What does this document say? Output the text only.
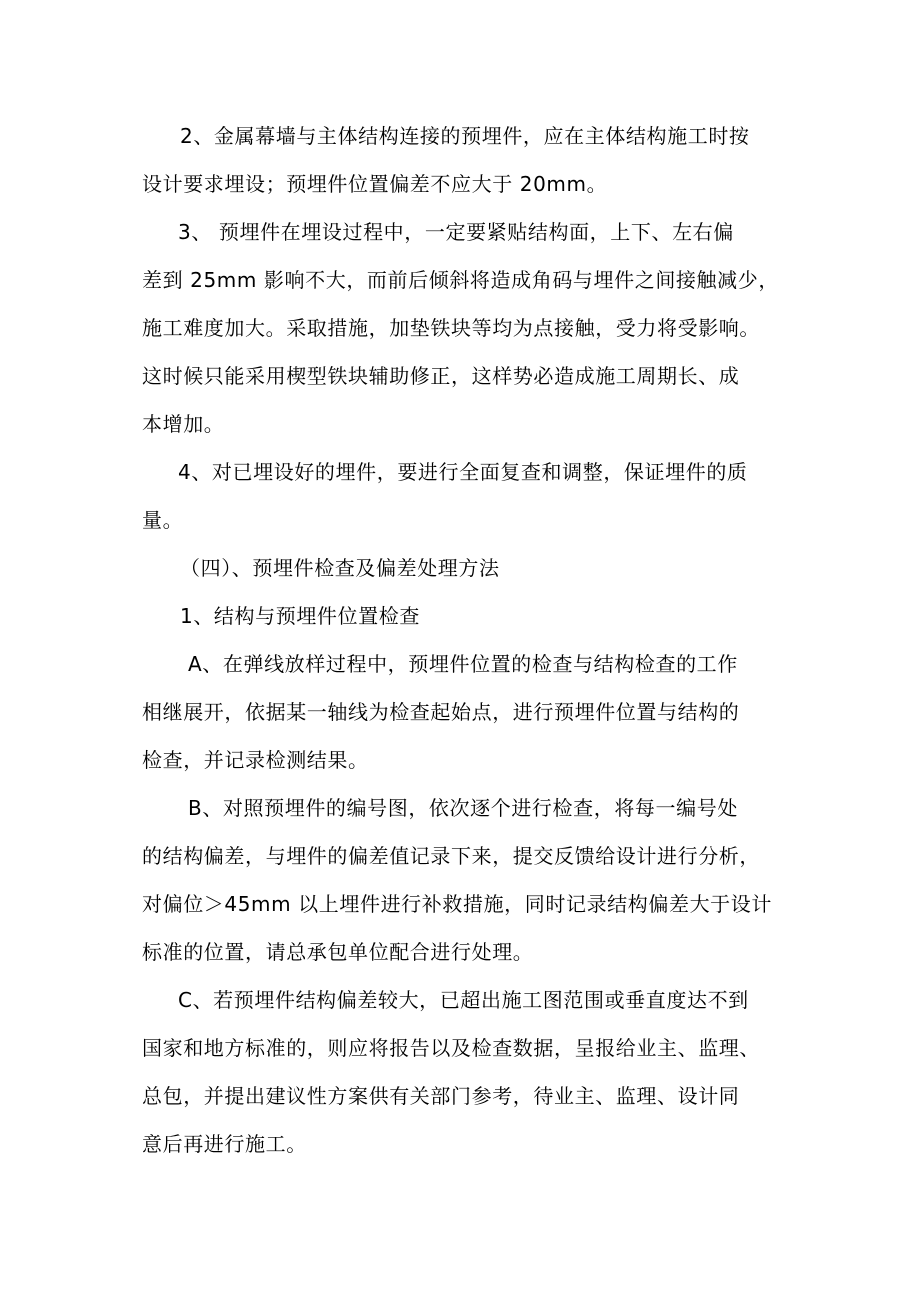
2、金属幕墙与主体结构连接的预埋件，应在主体结构施工时按
设计要求埋设；预埋件位置偏差不应大于 20mm。
3、 预埋件在埋设过程中，一定要紧贴结构面，上下、左右偏
差到 25mm 影响不大，而前后倾斜将造成角码与埋件之间接触减少，
施工难度加大。采取措施，加垫铁块等均为点接触，受力将受影响。
这时候只能采用楔型铁块辅助修正，这样势必造成施工周期长、成
本增加。
4、对已埋设好的埋件，要进行全面复查和调整，保证埋件的质
量。
（四）、预埋件检查及偏差处理方法
1、结构与预埋件位置检查
A、在弹线放样过程中，预埋件位置的检查与结构检查的工作
相继展开，依据某一轴线为检查起始点，进行预埋件位置与结构的
检查，并记录检测结果。
B、对照预埋件的编号图，依次逐个进行检查，将每一编号处
的结构偏差，与埋件的偏差值记录下来，提交反馈给设计进行分析，
对偏位＞45mm 以上埋件进行补救措施，同时记录结构偏差大于设计
标准的位置，请总承包单位配合进行处理。
C、若预埋件结构偏差较大，已超出施工图范围或垂直度达不到
国家和地方标准的，则应将报告以及检查数据，呈报给业主、监理、
总包，并提出建议性方案供有关部门参考，待业主、监理、设计同
意后再进行施工。
